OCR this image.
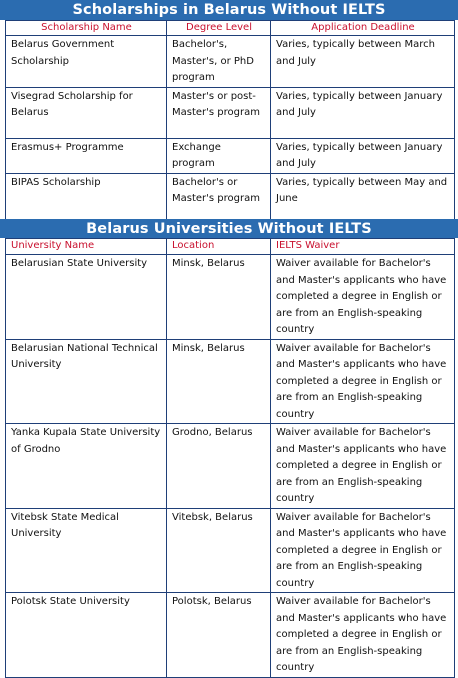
Scholarships in Belarus Without IELTS
Scholarship Name	Degree Level	Application Deadline
Belarus Government Scholarship	Bachelor's, Master's, or PhD program	Varies, typically between March and July
Visegrad Scholarship for Belarus	Master's or post-Master's program	Varies, typically between January and July
Erasmus+ Programme	Exchange program	Varies, typically between January and July
BIPAS Scholarship	Bachelor's or Master's program	Varies, typically between May and June
Belarus Universities Without IELTS
University Name	Location	IELTS Waiver
Belarusian State University	Minsk, Belarus	Waiver available for Bachelor's and Master's applicants who have completed a degree in English or are from an English-speaking country
Belarusian National Technical University	Minsk, Belarus	Waiver available for Bachelor's and Master's applicants who have completed a degree in English or are from an English-speaking country
Yanka Kupala State University of Grodno	Grodno, Belarus	Waiver available for Bachelor's and Master's applicants who have completed a degree in English or are from an English-speaking country
Vitebsk State Medical University	Vitebsk, Belarus	Waiver available for Bachelor's and Master's applicants who have completed a degree in English or are from an English-speaking country
Polotsk State University	Polotsk, Belarus	Waiver available for Bachelor's and Master's applicants who have completed a degree in English or are from an English-speaking country
